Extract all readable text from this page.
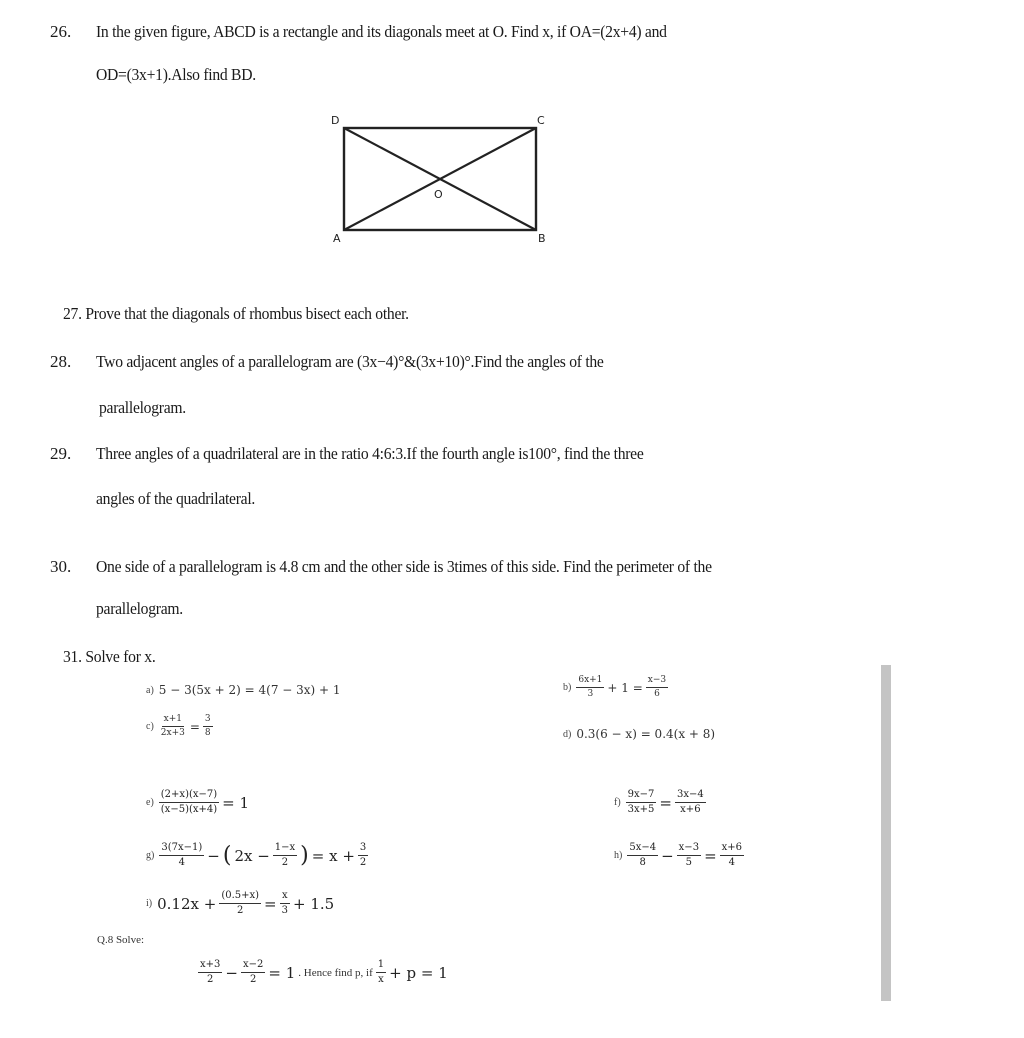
26. In the given figure, ABCD is a rectangle and its diagonals meet at O. Find x, if OA=(2x+4) and
OD=(3x+1).Also find BD.
D	C
A	B
O
27. Prove that the diagonals of rhombus bisect each other.
28. Two adjacent angles of a parallelogram are (3x−4)°&(3x+10)°.Find the angles of the
parallelogram.
29. Three angles of a quadrilateral are in the ratio 4:6:3.If the fourth angle is100°, find the three
angles of the quadrilateral.
30. One side of a parallelogram is 4.8 cm and the other side is 3times of this side. Find the perimeter of the
parallelogram.
31. Solve for x.
a) 5 − 3(5x + 2) = 4(7 − 3x) + 1	$b) \frac{6x+1}{3} + 1 = \frac{x-3}{6}$
$c) \frac{x+1}{2x+3} = \frac{3}{8}$	d) 0.3(6 − x) = 0.4(x + 8)
$e) \frac{(2+x)(x-7)}{(x-5)(x+4)} = 1$	$f) \frac{9x-7}{3x+5} = \frac{3x-4}{x+6}$
$g) \frac{3(7x-1)}{4}$ − ( $2x - \frac{1-x}{2}$ ) = $x + \frac{3}{2}$	$h) \frac{5x-4}{8} - \frac{x-3}{5} = \frac{x+6}{4}$
i) $0.12x + \frac{(0.5+x)}{2} = \frac{x}{3} + 1.5$
Q.8 Solve:
$\frac{x+3}{2} - \frac{x-2}{2} = 1$ . Hence find p, if $\frac{1}{x} + p = 1$
